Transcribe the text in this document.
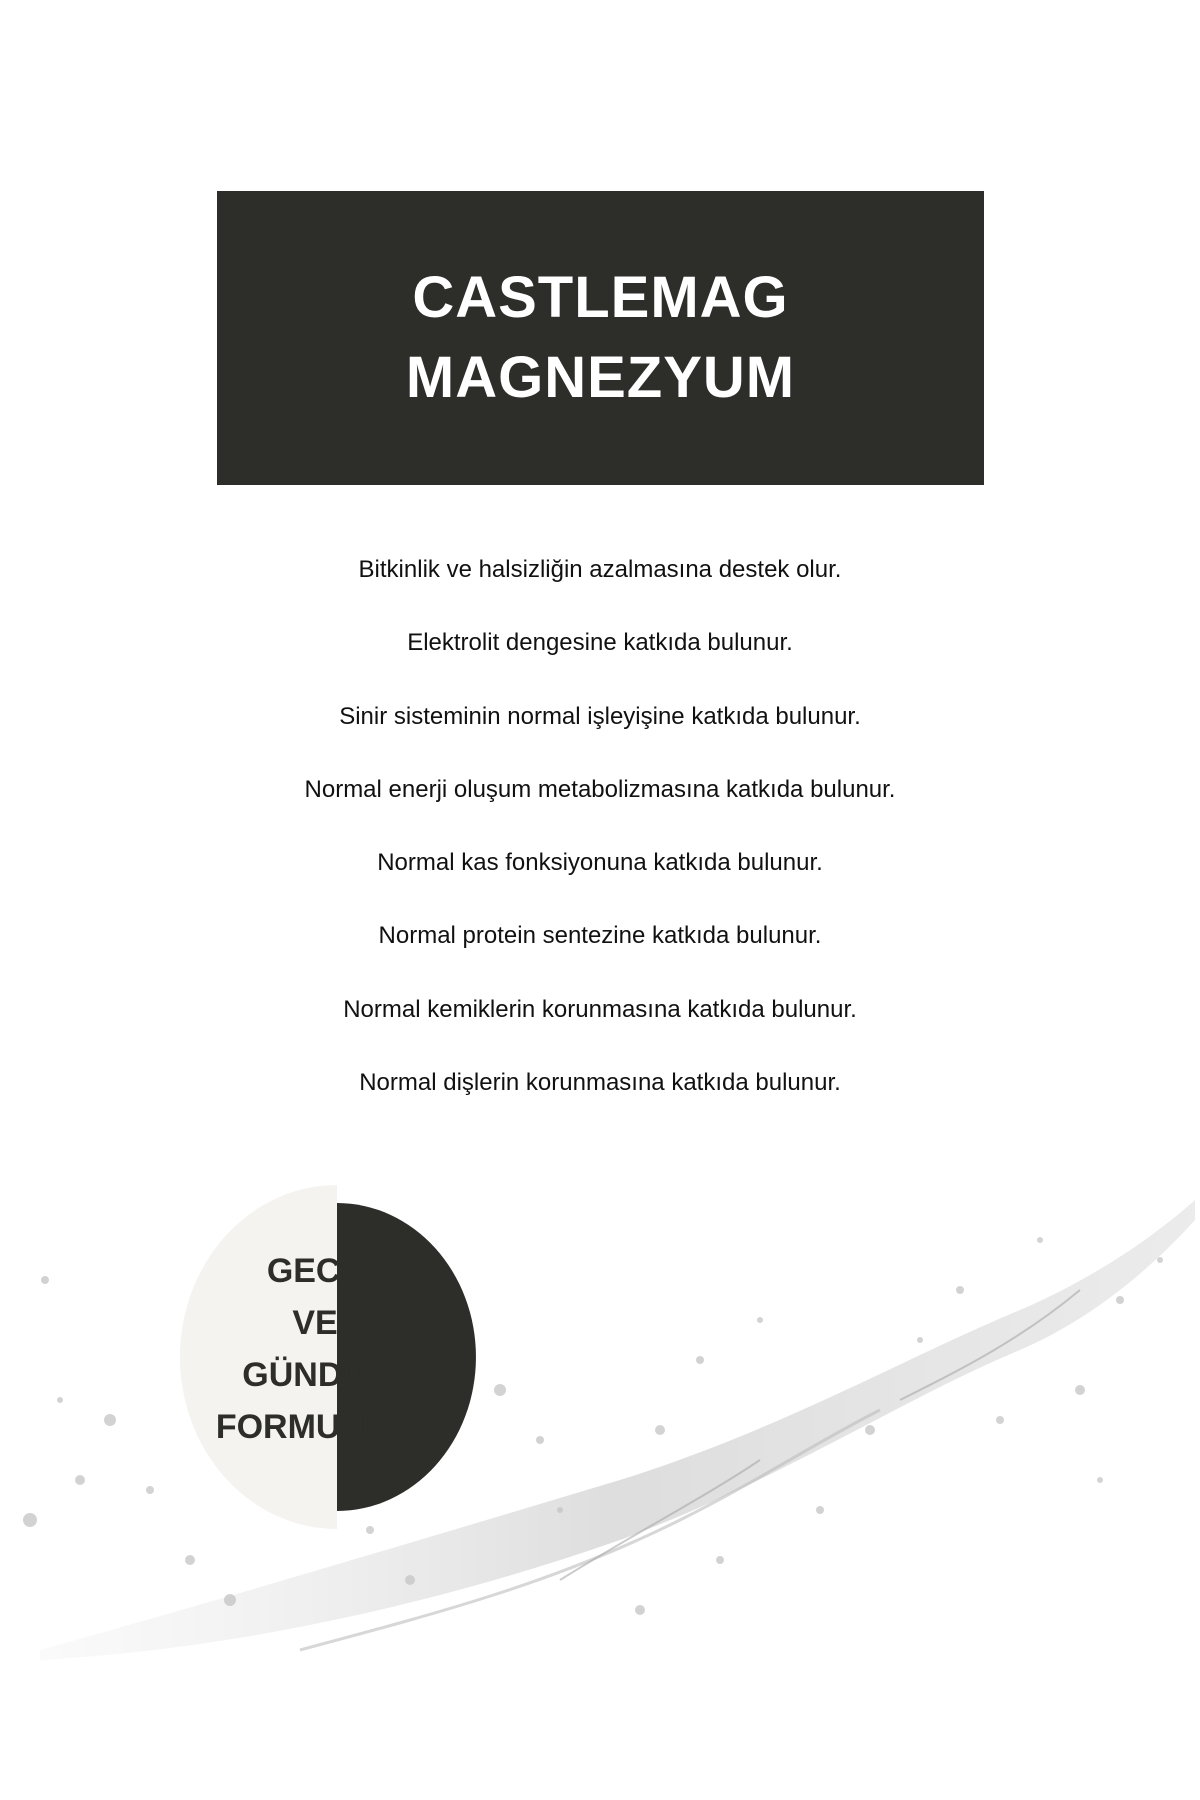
CASTLEMAG
MAGNEZYUM
Bitkinlik ve halsizliğin azalmasına destek olur.
Elektrolit dengesine katkıda bulunur.
Sinir sisteminin normal işleyişine katkıda bulunur.
Normal enerji oluşum metabolizmasına katkıda bulunur.
Normal kas fonksiyonuna katkıda bulunur.
Normal protein sentezine katkıda bulunur.
Normal kemiklerin korunmasına katkıda bulunur.
Normal dişlerin korunmasına katkıda bulunur.
GECE
VE
GÜNDÜZ
FORMUNDA
